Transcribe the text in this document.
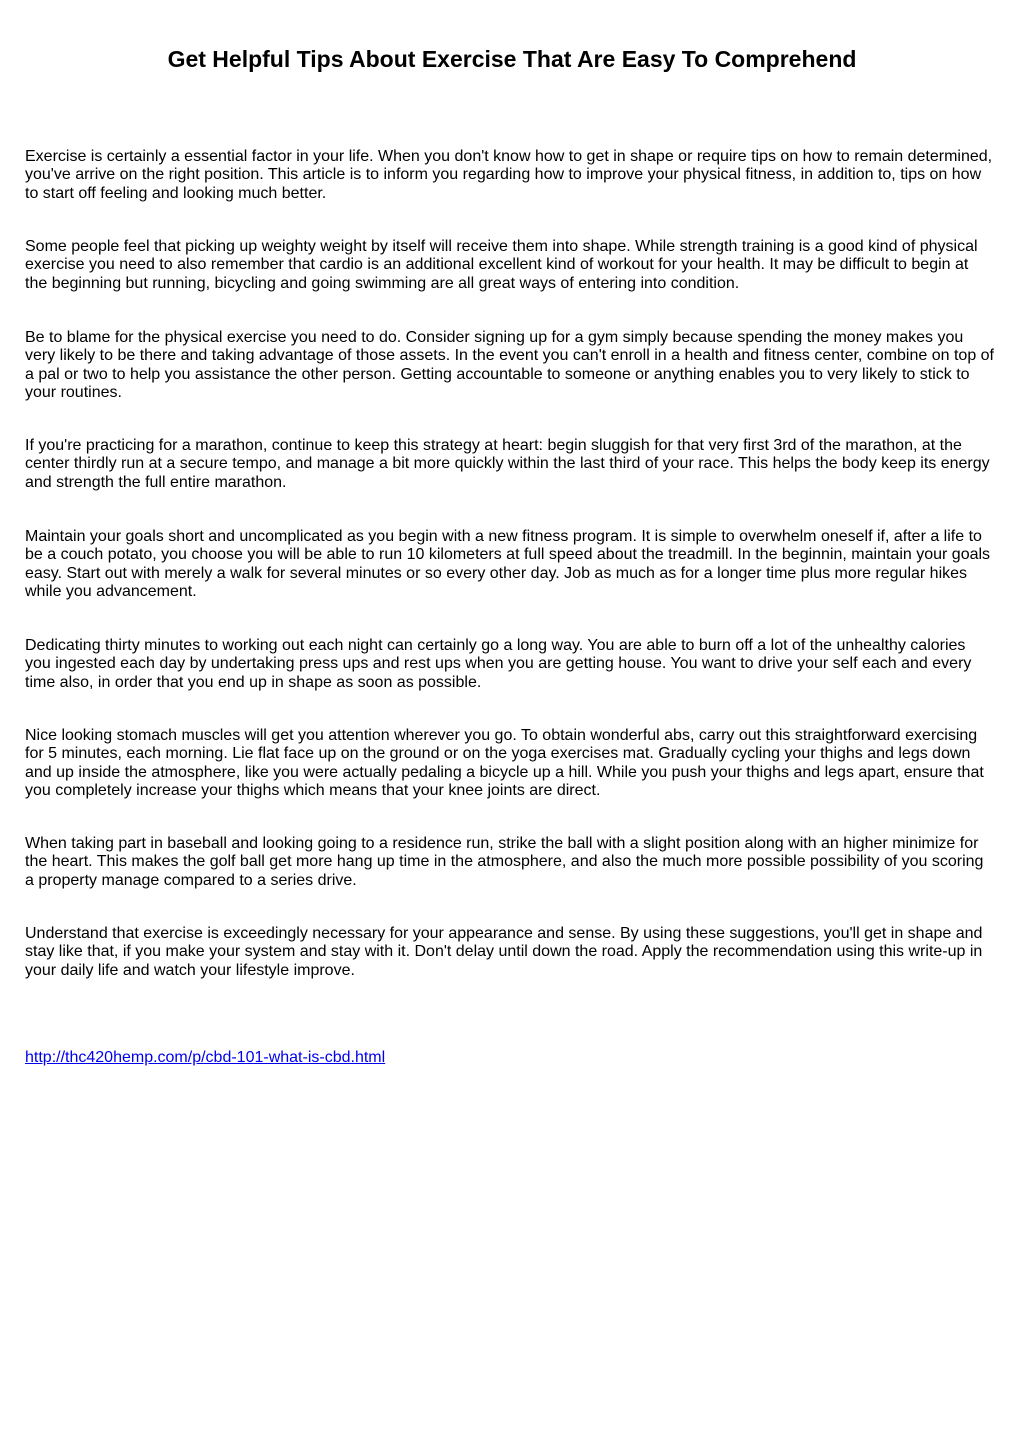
Get Helpful Tips About Exercise That Are Easy To Comprehend

Exercise is certainly a essential factor in your life. When you don't know how to get in shape or require tips on how to remain determined, you've arrive on the right position. This article is to inform you regarding how to improve your physical fitness, in addition to, tips on how to start off feeling and looking much better.

Some people feel that picking up weighty weight by itself will receive them into shape. While strength training is a good kind of physical exercise you need to also remember that cardio is an additional excellent kind of workout for your health. It may be difficult to begin at the beginning but running, bicycling and going swimming are all great ways of entering into condition.

Be to blame for the physical exercise you need to do. Consider signing up for a gym simply because spending the money makes you very likely to be there and taking advantage of those assets. In the event you can't enroll in a health and fitness center, combine on top of a pal or two to help you assistance the other person. Getting accountable to someone or anything enables you to very likely to stick to your routines.

If you're practicing for a marathon, continue to keep this strategy at heart: begin sluggish for that very first 3rd of the marathon, at the center thirdly run at a secure tempo, and manage a bit more quickly within the last third of your race. This helps the body keep its energy and strength the full entire marathon.

Maintain your goals short and uncomplicated as you begin with a new fitness program. It is simple to overwhelm oneself if, after a life to be a couch potato, you choose you will be able to run 10 kilometers at full speed about the treadmill. In the beginnin, maintain your goals easy. Start out with merely a walk for several minutes or so every other day. Job as much as for a longer time plus more regular hikes while you advancement.

Dedicating thirty minutes to working out each night can certainly go a long way. You are able to burn off a lot of the unhealthy calories you ingested each day by undertaking press ups and rest ups when you are getting house. You want to drive your self each and every time also, in order that you end up in shape as soon as possible.

Nice looking stomach muscles will get you attention wherever you go. To obtain wonderful abs, carry out this straightforward exercising for 5 minutes, each morning. Lie flat face up on the ground or on the yoga exercises mat. Gradually cycling your thighs and legs down and up inside the atmosphere, like you were actually pedaling a bicycle up a hill. While you push your thighs and legs apart, ensure that you completely increase your thighs which means that your knee joints are direct.

When taking part in baseball and looking going to a residence run, strike the ball with a slight position along with an higher minimize for the heart. This makes the golf ball get more hang up time in the atmosphere, and also the much more possible possibility of you scoring a property manage compared to a series drive.

Understand that exercise is exceedingly necessary for your appearance and sense. By using these suggestions, you'll get in shape and stay like that, if you make your system and stay with it. Don't delay until down the road. Apply the recommendation using this write-up in your daily life and watch your lifestyle improve.

http://thc420hemp.com/p/cbd-101-what-is-cbd.html
